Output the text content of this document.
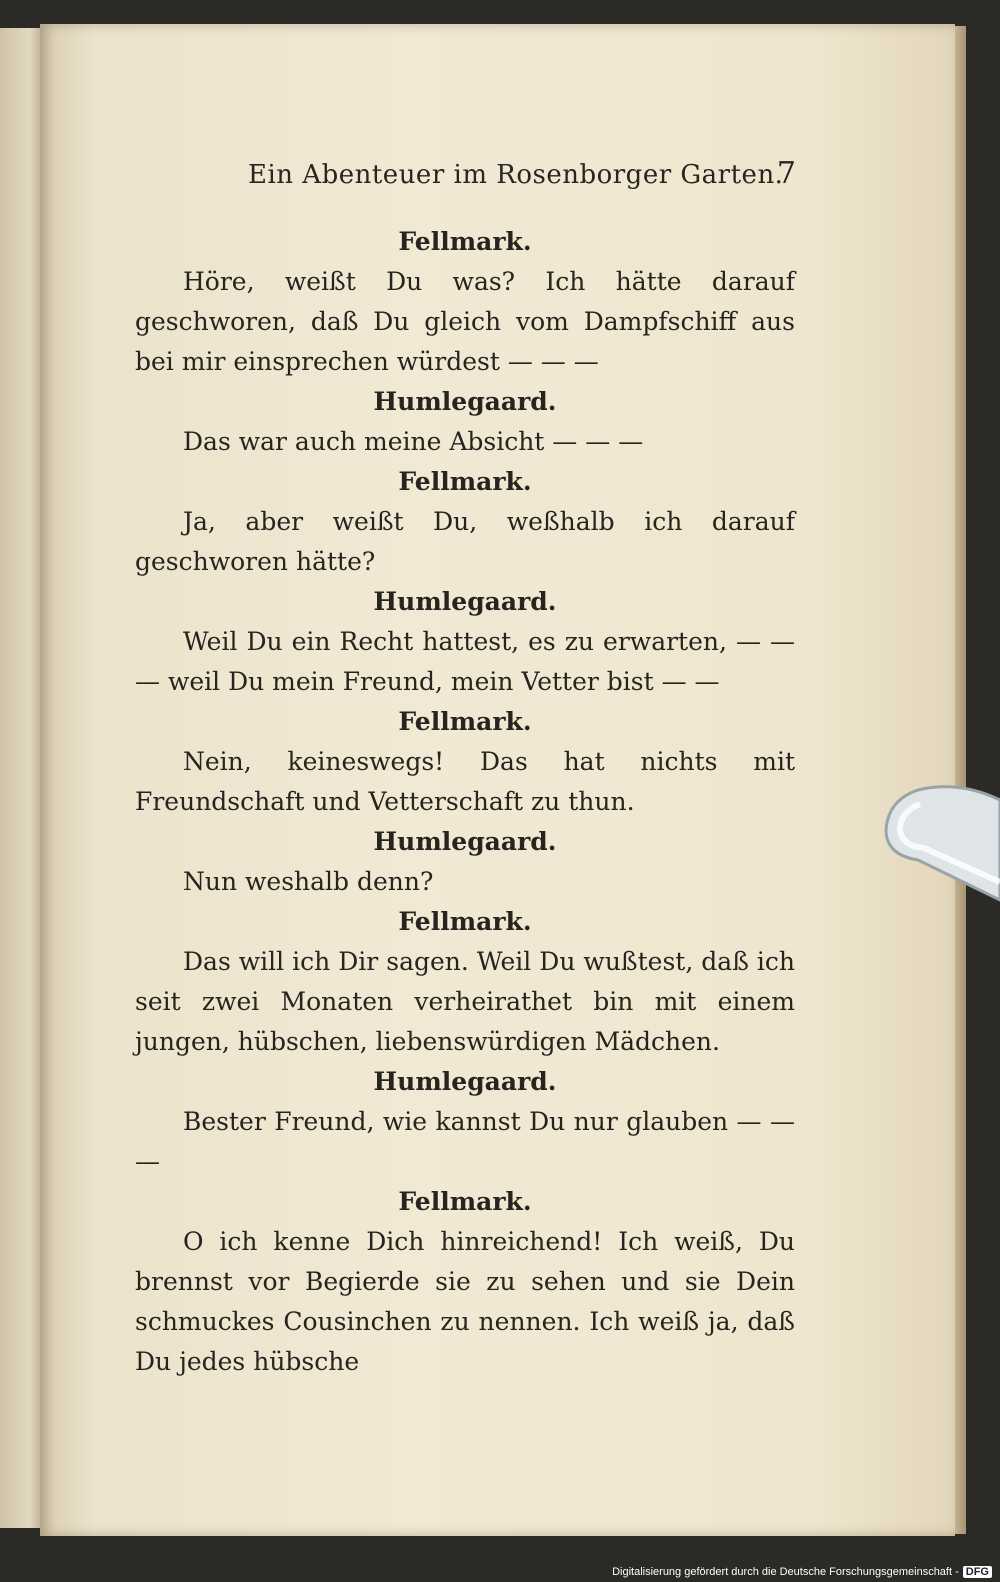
Ein Abenteuer im Rosenborger Garten.
7
Fellmark.

Höre, weißt Du was? Ich hätte darauf geschworen, daß Du gleich vom Dampfschiff aus bei mir einsprechen würdest — — —

Humlegaard.

Das war auch meine Absicht — — —

Fellmark.

Ja, aber weißt Du, weßhalb ich darauf geschworen hätte?

Humlegaard.

Weil Du ein Recht hattest, es zu erwarten, — — — weil Du mein Freund, mein Vetter bist — —

Fellmark.

Nein, keineswegs! Das hat nichts mit Freundschaft und Vetterschaft zu thun.

Humlegaard.

Nun weshalb denn?

Fellmark.

Das will ich Dir sagen. Weil Du wußtest, daß ich seit zwei Monaten verheirathet bin mit einem jungen, hübschen, liebenswürdigen Mädchen.

Humlegaard.

Bester Freund, wie kannst Du nur glauben — — —

Fellmark.

O ich kenne Dich hinreichend! Ich weiß, Du brennst vor Begierde sie zu sehen und sie Dein schmuckes Cousinchen zu nennen. Ich weiß ja, daß Du jedes hübsche

Digitalisierung gefördert durch die Deutsche Forschungsgemeinschaft - DFG
